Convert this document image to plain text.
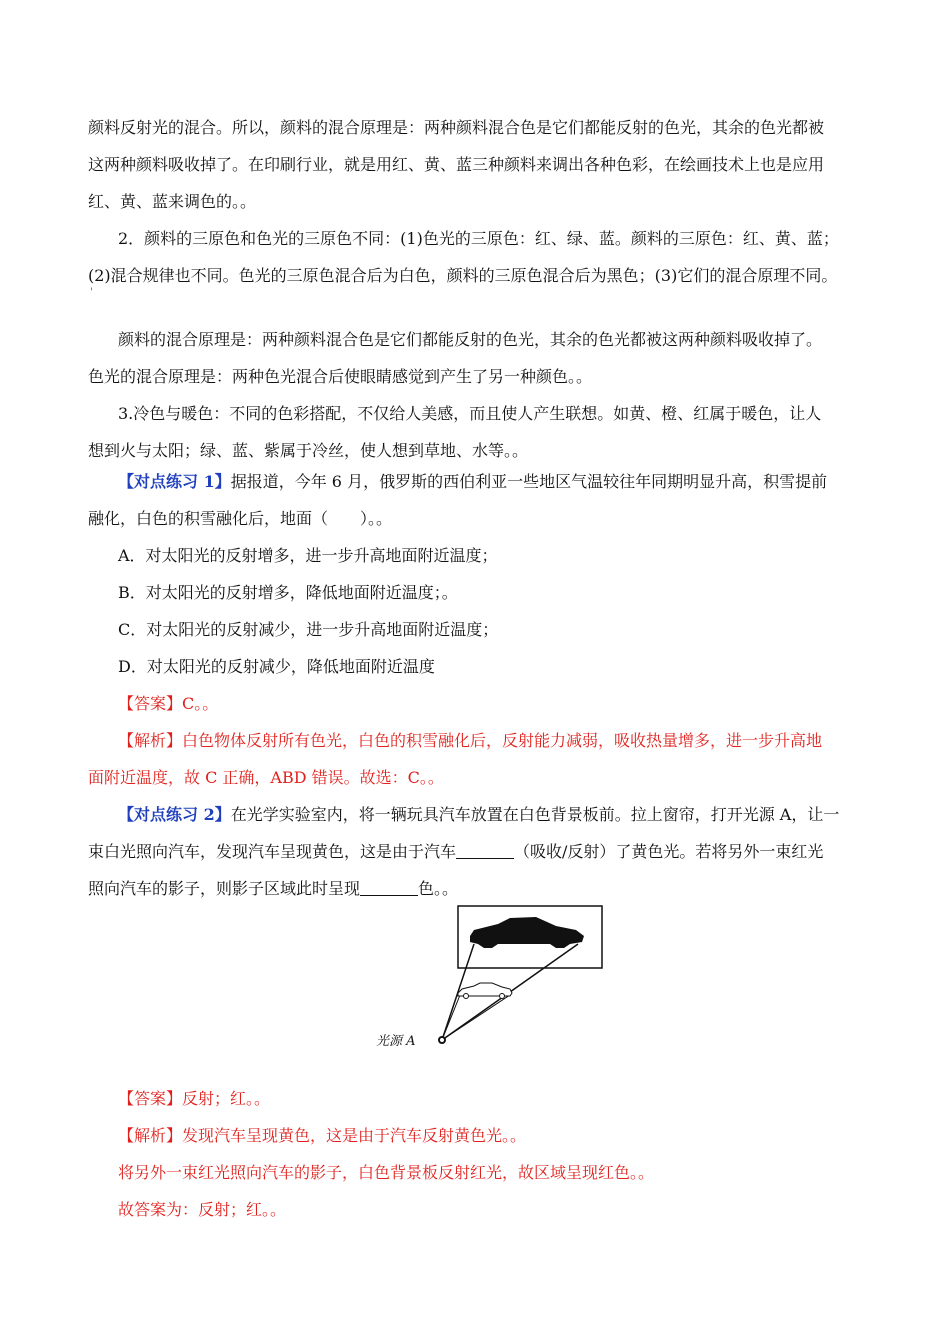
颜料反射光的混合。所以，颜料的混合原理是：两种颜料混合色是它们都能反射的色光，其余的色光都被
这两种颜料吸收掉了。在印刷行业，就是用红、黄、蓝三种颜料来调出各种色彩，在绘画技术上也是应用
红、黄、蓝来调色的。。
2．颜料的三原色和色光的三原色不同：(1)色光的三原色：红、绿、蓝。颜料的三原色：红、黄、蓝；
(2)混合规律也不同。色光的三原色混合后为白色，颜料的三原色混合后为黑色；(3)它们的混合原理不同。
'
颜料的混合原理是：两种颜料混合色是它们都能反射的色光，其余的色光都被这两种颜料吸收掉了。
色光的混合原理是：两种色光混合后使眼睛感觉到产生了另一种颜色。。
3.冷色与暖色：不同的色彩搭配，不仅给人美感，而且使人产生联想。如黄、橙、红属于暖色，让人
想到火与太阳；绿、蓝、紫属于冷丝，使人想到草地、水等。。
【对点练习 1】据报道，今年 6 月，俄罗斯的西伯利亚一些地区气温较往年同期明显升高，积雪提前
融化，白色的积雪融化后，地面（　　）。。
A．对太阳光的反射增多，进一步升高地面附近温度；
B．对太阳光的反射增多，降低地面附近温度；。
C．对太阳光的反射减少，进一步升高地面附近温度；
D．对太阳光的反射减少，降低地面附近温度
【答案】C。。
【解析】白色物体反射所有色光，白色的积雪融化后，反射能力减弱，吸收热量增多，进一步升高地
面附近温度，故 C 正确，ABD 错误。故选：C。。
【对点练习 2】在光学实验室内，将一辆玩具汽车放置在白色背景板前。拉上窗帘，打开光源 A，让一
束白光照向汽车，发现汽车呈现黄色，这是由于汽车	（吸收/反射）了黄色光。若将另外一束红光
照向汽车的影子，则影子区域此时呈现	色。。
光源 A
【答案】反射；红。。
【解析】发现汽车呈现黄色，这是由于汽车反射黄色光。。
将另外一束红光照向汽车的影子，白色背景板反射红光，故区域呈现红色。。
故答案为：反射；红。。
